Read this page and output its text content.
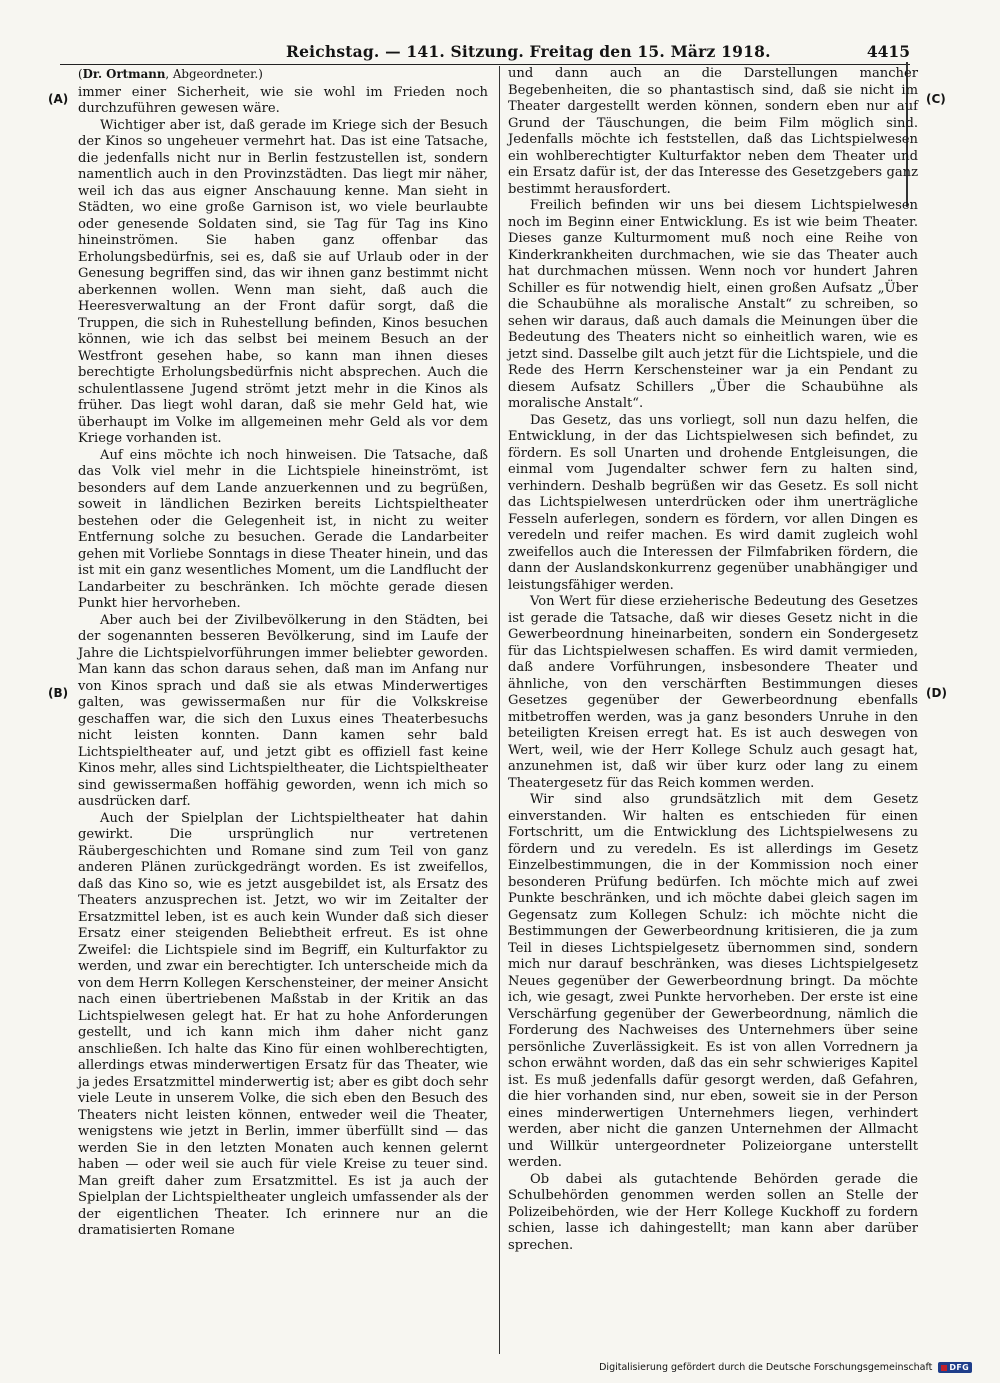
Reichstag. — 141. Sitzung. Freitag den 15. März 1918.	4415
(A)
(B)
(C)
(D)
(Dr. Ortmann, Abgeordneter.)

immer einer Sicherheit, wie sie wohl im Frieden noch durchzuführen gewesen wäre.

Wichtiger aber ist, daß gerade im Kriege sich der Besuch der Kinos so ungeheuer vermehrt hat. Das ist eine Tatsache, die jedenfalls nicht nur in Berlin festzustellen ist, sondern namentlich auch in den Provinzstädten. Das liegt mir näher, weil ich das aus eigner Anschauung kenne. Man sieht in Städten, wo eine große Garnison ist, wo viele beurlaubte oder genesende Soldaten sind, sie Tag für Tag ins Kino hineinströmen. Sie haben ganz offenbar das Erholungsbedürfnis, sei es, daß sie auf Urlaub oder in der Genesung begriffen sind, das wir ihnen ganz bestimmt nicht aberkennen wollen. Wenn man sieht, daß auch die Heeresverwaltung an der Front dafür sorgt, daß die Truppen, die sich in Ruhestellung befinden, Kinos besuchen können, wie ich das selbst bei meinem Besuch an der Westfront gesehen habe, so kann man ihnen dieses berechtigte Erholungsbedürfnis nicht absprechen. Auch die schulentlassene Jugend strömt jetzt mehr in die Kinos als früher. Das liegt wohl daran, daß sie mehr Geld hat, wie überhaupt im Volke im allgemeinen mehr Geld als vor dem Kriege vorhanden ist.

Auf eins möchte ich noch hinweisen. Die Tatsache, daß das Volk viel mehr in die Lichtspiele hineinströmt, ist besonders auf dem Lande anzuerkennen und zu begrüßen, soweit in ländlichen Bezirken bereits Lichtspieltheater bestehen oder die Gelegenheit ist, in nicht zu weiter Entfernung solche zu besuchen. Gerade die Landarbeiter gehen mit Vorliebe Sonntags in diese Theater hinein, und das ist mit ein ganz wesentliches Moment, um die Landflucht der Landarbeiter zu beschränken. Ich möchte gerade diesen Punkt hier hervorheben.

Aber auch bei der Zivilbevölkerung in den Städten, bei der sogenannten besseren Bevölkerung, sind im Laufe der Jahre die Lichtspielvorführungen immer beliebter geworden. Man kann das schon daraus sehen, daß man im Anfang nur von Kinos sprach und daß sie als etwas Minderwertiges galten, was gewissermaßen nur für die Volkskreise geschaffen war, die sich den Luxus eines Theaterbesuchs nicht leisten konnten. Dann kamen sehr bald Lichtspieltheater auf, und jetzt gibt es offiziell fast keine Kinos mehr, alles sind Lichtspieltheater, die Lichtspieltheater sind gewissermaßen hoffähig geworden, wenn ich mich so ausdrücken darf.

Auch der Spielplan der Lichtspieltheater hat dahin gewirkt. Die ursprünglich nur vertretenen Räubergeschichten und Romane sind zum Teil von ganz anderen Plänen zurückgedrängt worden. Es ist zweifellos, daß das Kino so, wie es jetzt ausgebildet ist, als Ersatz des Theaters anzusprechen ist. Jetzt, wo wir im Zeitalter der Ersatzmittel leben, ist es auch kein Wunder daß sich dieser Ersatz einer steigenden Beliebtheit erfreut. Es ist ohne Zweifel: die Lichtspiele sind im Begriff, ein Kulturfaktor zu werden, und zwar ein berechtigter. Ich unterscheide mich da von dem Herrn Kollegen Kerschensteiner, der meiner Ansicht nach einen übertriebenen Maßstab in der Kritik an das Lichtspielwesen gelegt hat. Er hat zu hohe Anforderungen gestellt, und ich kann mich ihm daher nicht ganz anschließen. Ich halte das Kino für einen wohlberechtigten, allerdings etwas minderwertigen Ersatz für das Theater, wie ja jedes Ersatzmittel minderwertig ist; aber es gibt doch sehr viele Leute in unserem Volke, die sich eben den Besuch des Theaters nicht leisten können, entweder weil die Theater, wenigstens wie jetzt in Berlin, immer überfüllt sind — das werden Sie in den letzten Monaten auch kennen gelernt haben — oder weil sie auch für viele Kreise zu teuer sind. Man greift daher zum Ersatzmittel. Es ist ja auch der Spielplan der Lichtspieltheater ungleich umfassender als der der eigentlichen Theater. Ich erinnere nur an die dramatisierten Romane

und dann auch an die Darstellungen mancher Begebenheiten, die so phantastisch sind, daß sie nicht im Theater dargestellt werden können, sondern eben nur auf Grund der Täuschungen, die beim Film möglich sind. Jedenfalls möchte ich feststellen, daß das Lichtspielwesen ein wohlberechtigter Kulturfaktor neben dem Theater und ein Ersatz dafür ist, der das Interesse des Gesetzgebers ganz bestimmt herausfordert.

Freilich befinden wir uns bei diesem Lichtspielwesen noch im Beginn einer Entwicklung. Es ist wie beim Theater. Dieses ganze Kulturmoment muß noch eine Reihe von Kinderkrankheiten durchmachen, wie sie das Theater auch hat durchmachen müssen. Wenn noch vor hundert Jahren Schiller es für notwendig hielt, einen großen Aufsatz „Über die Schaubühne als moralische Anstalt“ zu schreiben, so sehen wir daraus, daß auch damals die Meinungen über die Bedeutung des Theaters nicht so einheitlich waren, wie es jetzt sind. Dasselbe gilt auch jetzt für die Lichtspiele, und die Rede des Herrn Kerschensteiner war ja ein Pendant zu diesem Aufsatz Schillers „Über die Schaubühne als moralische Anstalt“.

Das Gesetz, das uns vorliegt, soll nun dazu helfen, die Entwicklung, in der das Lichtspielwesen sich befindet, zu fördern. Es soll Unarten und drohende Entgleisungen, die einmal vom Jugendalter schwer fern zu halten sind, verhindern. Deshalb begrüßen wir das Gesetz. Es soll nicht das Lichtspielwesen unterdrücken oder ihm unerträgliche Fesseln auferlegen, sondern es fördern, vor allen Dingen es veredeln und reifer machen. Es wird damit zugleich wohl zweifellos auch die Interessen der Filmfabriken fördern, die dann der Auslandskonkurrenz gegenüber unabhängiger und leistungsfähiger werden.

Von Wert für diese erzieherische Bedeutung des Gesetzes ist gerade die Tatsache, daß wir dieses Gesetz nicht in die Gewerbeordnung hineinarbeiten, sondern ein Sondergesetz für das Lichtspielwesen schaffen. Es wird damit vermieden, daß andere Vorführungen, insbesondere Theater und ähnliche, von den verschärften Bestimmungen dieses Gesetzes gegenüber der Gewerbeordnung ebenfalls mitbetroffen werden, was ja ganz besonders Unruhe in den beteiligten Kreisen erregt hat. Es ist auch deswegen von Wert, weil, wie der Herr Kollege Schulz auch gesagt hat, anzunehmen ist, daß wir über kurz oder lang zu einem Theatergesetz für das Reich kommen werden.

Wir sind also grundsätzlich mit dem Gesetz einverstanden. Wir halten es entschieden für einen Fortschritt, um die Entwicklung des Lichtspielwesens zu fördern und zu veredeln. Es ist allerdings im Gesetz Einzelbestimmungen, die in der Kommission noch einer besonderen Prüfung bedürfen. Ich möchte mich auf zwei Punkte beschränken, und ich möchte dabei gleich sagen im Gegensatz zum Kollegen Schulz: ich möchte nicht die Bestimmungen der Gewerbeordnung kritisieren, die ja zum Teil in dieses Lichtspielgesetz übernommen sind, sondern mich nur darauf beschränken, was dieses Lichtspielgesetz Neues gegenüber der Gewerbeordnung bringt. Da möchte ich, wie gesagt, zwei Punkte hervorheben. Der erste ist eine Verschärfung gegenüber der Gewerbeordnung, nämlich die Forderung des Nachweises des Unternehmers über seine persönliche Zuverlässigkeit. Es ist von allen Vorrednern ja schon erwähnt worden, daß das ein sehr schwieriges Kapitel ist. Es muß jedenfalls dafür gesorgt werden, daß Gefahren, die hier vorhanden sind, nur eben, soweit sie in der Person eines minderwertigen Unternehmers liegen, verhindert werden, aber nicht die ganzen Unternehmen der Allmacht und Willkür untergeordneter Polizeiorgane unterstellt werden.

Ob dabei als gutachtende Behörden gerade die Schulbehörden genommen werden sollen an Stelle der Polizeibehörden, wie der Herr Kollege Kuckhoff zu fordern schien, lasse ich dahingestellt; man kann aber darüber sprechen.

Digitalisierung gefördert durch die Deutsche Forschungsgemeinschaft	DFG
